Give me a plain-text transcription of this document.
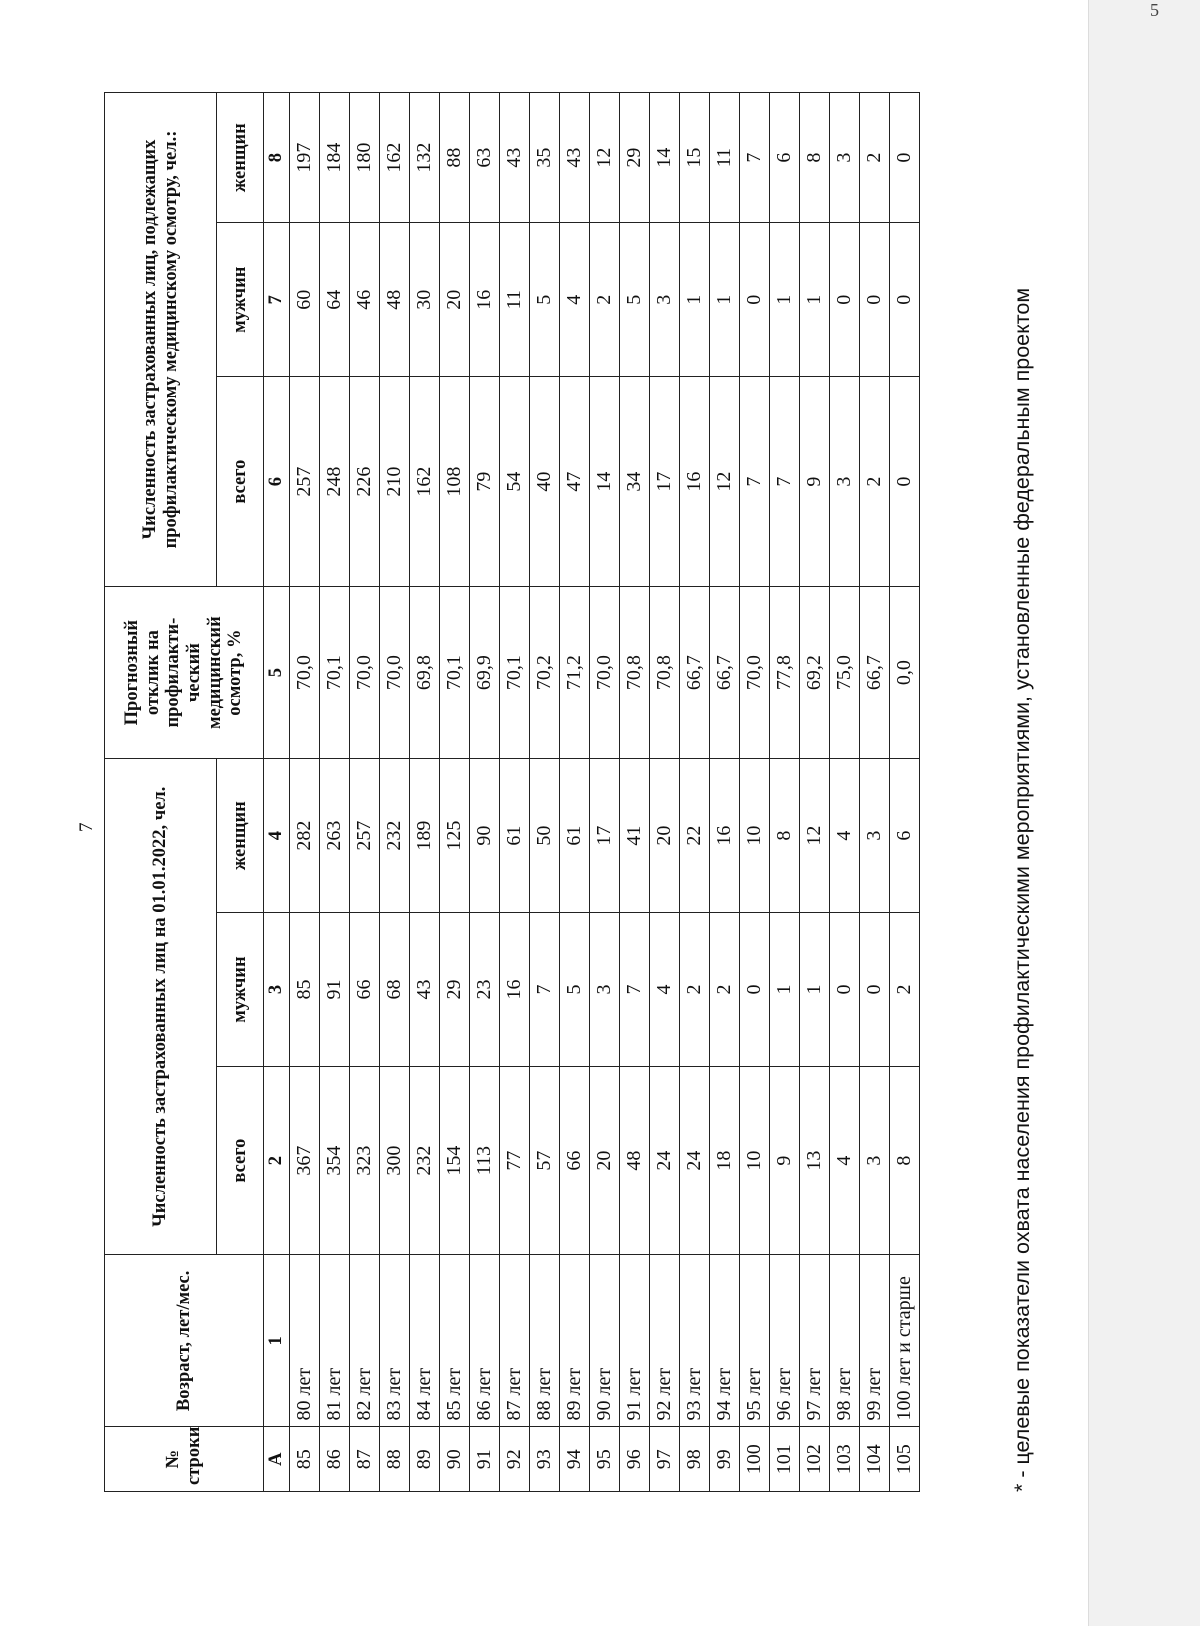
5
7
№ строки	Возраст, лет/мес.	Численность застрахованных лиц на 01.01.2022, чел.			Прогнозный отклик на профилакти-ческий медицинский осмотр, %	Численность застрахованных лиц, подлежащих профилактическому медицинскому осмотру, чел.:		
		всего	мужчин	женщин		всего	мужчин	женщин
А	1	2	3	4	5	6	7	8
85	80 лет	367	85	282	70,0	257	60	197
86	81 лет	354	91	263	70,1	248	64	184
87	82 лет	323	66	257	70,0	226	46	180
88	83 лет	300	68	232	70,0	210	48	162
89	84 лет	232	43	189	69,8	162	30	132
90	85 лет	154	29	125	70,1	108	20	88
91	86 лет	113	23	90	69,9	79	16	63
92	87 лет	77	16	61	70,1	54	11	43
93	88 лет	57	7	50	70,2	40	5	35
94	89 лет	66	5	61	71,2	47	4	43
95	90 лет	20	3	17	70,0	14	2	12
96	91 лет	48	7	41	70,8	34	5	29
97	92 лет	24	4	20	70,8	17	3	14
98	93 лет	24	2	22	66,7	16	1	15
99	94 лет	18	2	16	66,7	12	1	11
100	95 лет	10	0	10	70,0	7	0	7
101	96 лет	9	1	8	77,8	7	1	6
102	97 лет	13	1	12	69,2	9	1	8
103	98 лет	4	0	4	75,0	3	0	3
104	99 лет	3	0	3	66,7	2	0	2
105	100 лет и старше	8	2	6	0,0	0	0	0
* - целевые показатели охвата населения профилактическими мероприятиями, установленные федеральным проектом
